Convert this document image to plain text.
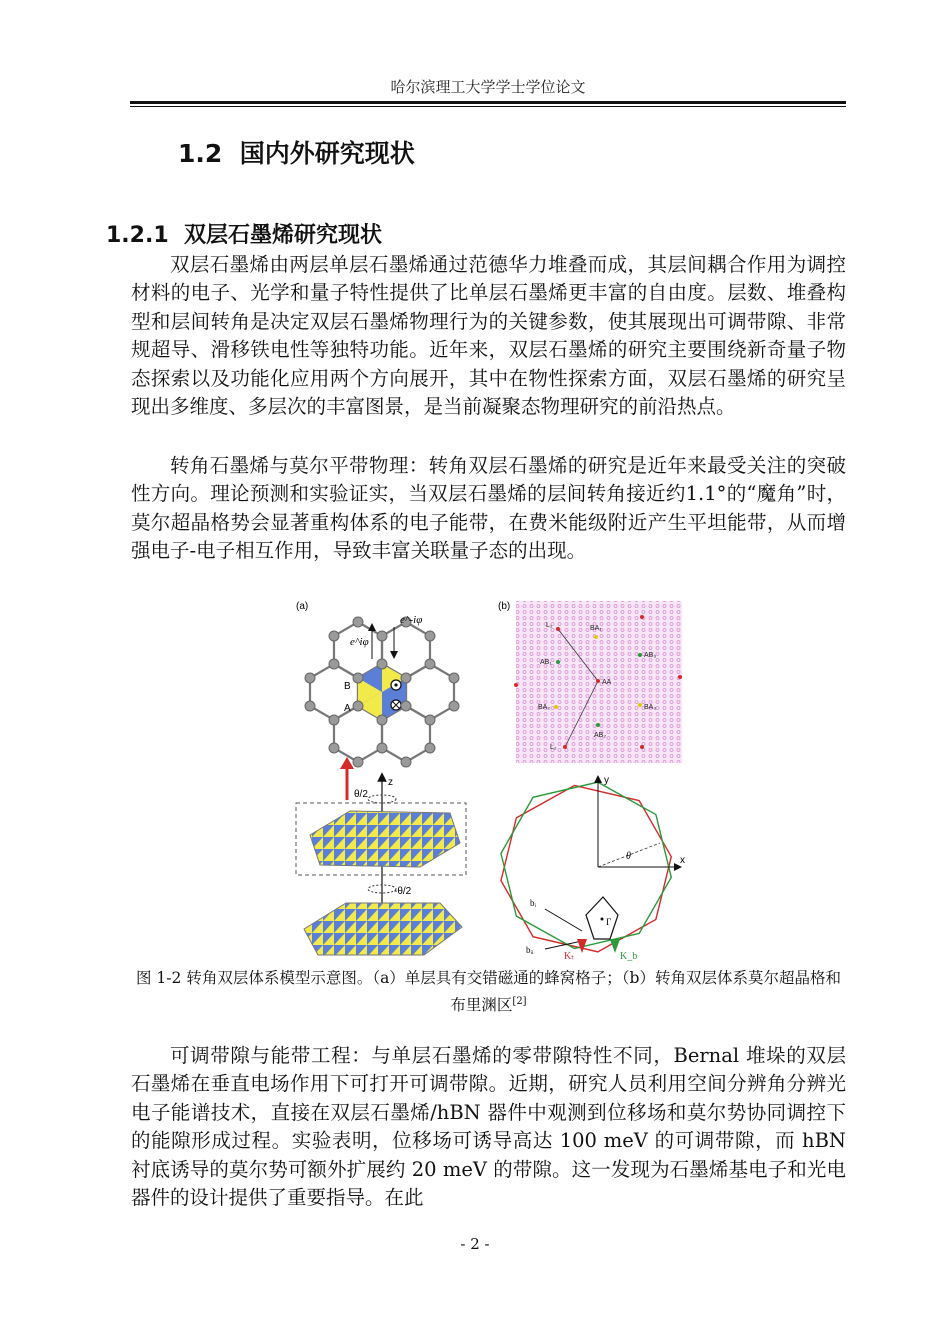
哈尔滨理工大学学士学位论文
1.2 国内外研究现状
1.2.1 双层石墨烯研究现状

双层石墨烯由两层单层石墨烯通过范德华力堆叠而成，其层间耦合作用为调控材料的电子、光学和量子特性提供了比单层石墨烯更丰富的自由度。层数、堆叠构型和层间转角是决定双层石墨烯物理行为的关键参数，使其展现出可调带隙、非常规超导、滑移铁电性等独特功能。近年来，双层石墨烯的研究主要围绕新奇量子物态探索以及功能化应用两个方向展开，其中在物性探索方面，双层石墨烯的研究呈现出多维度、多层次的丰富图景，是当前凝聚态物理研究的前沿热点。

转角石墨烯与莫尔平带物理：转角双层石墨烯的研究是近年来最受关注的突破性方向。理论预测和实验证实，当双层石墨烯的层间转角接近约1.1°的“魔角”时，莫尔超晶格势会显著重构体系的电子能带，在费米能级附近产生平坦能带，从而增强电子-电子相互作用，导致丰富关联量子态的出现。

(a)
e^iφ
e^-iφ
B
A
z
θ/2
-θ/2
(b)
L₁
L₂
AA
AB₁
AB₂
AB₃
BA₁
BA₂	BA₃
y
x
θ
bᵢ
bᵢᵢ
Γ
Kₜ	K_b
图 1-2 转角双层体系模型示意图。（a）单层具有交错磁通的蜂窝格子；（b）转角双层体系莫尔超晶格和布里渊区[2]

可调带隙与能带工程：与单层石墨烯的零带隙特性不同，Bernal 堆垛的双层石墨烯在垂直电场作用下可打开可调带隙。近期，研究人员利用空间分辨角分辨光电子能谱技术，直接在双层石墨烯/hBN 器件中观测到位移场和莫尔势协同调控下的能隙形成过程。实验表明，位移场可诱导高达 100 meV 的可调带隙，而 hBN 衬底诱导的莫尔势可额外扩展约 20 meV 的带隙。这一发现为石墨烯基电子和光电器件的设计提供了重要指导。在此

- 2 -
